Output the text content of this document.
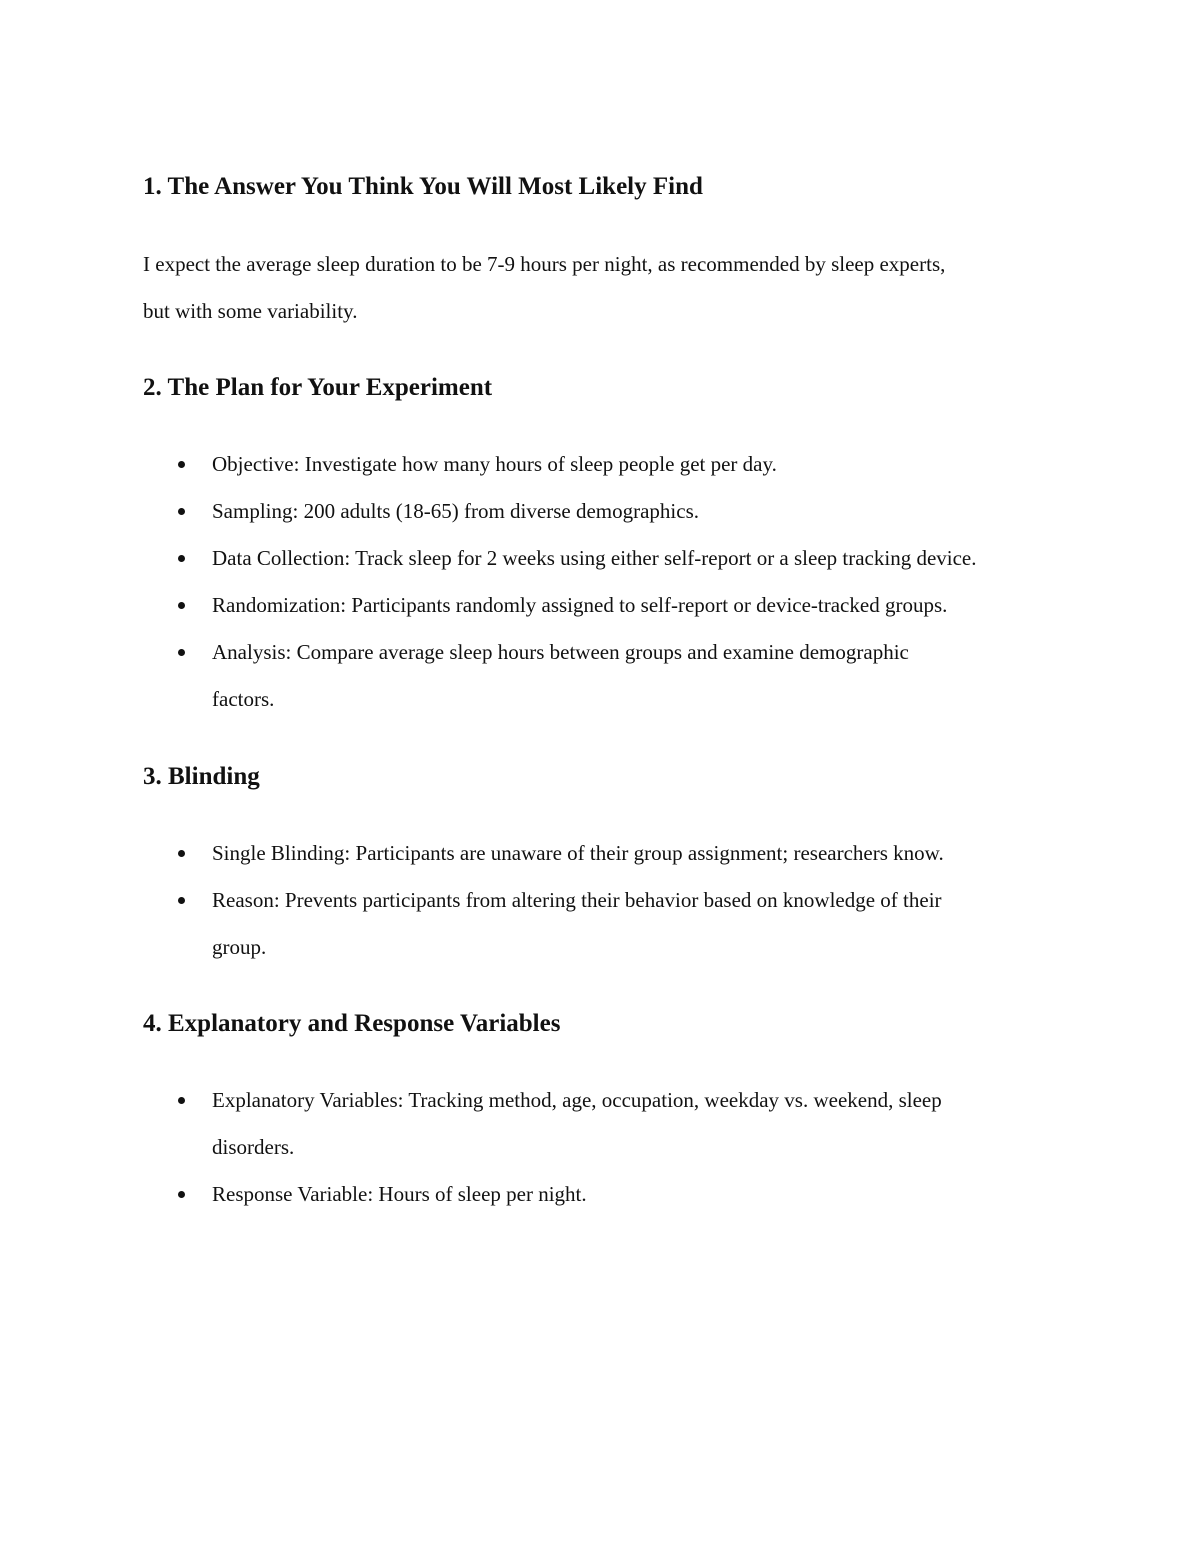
1. The Answer You Think You Will Most Likely Find

I expect the average sleep duration to be 7-9 hours per night, as recommended by sleep experts,

but with some variability.

2. The Plan for Your Experiment

Objective: Investigate how many hours of sleep people get per day.

Sampling: 200 adults (18-65) from diverse demographics.

Data Collection: Track sleep for 2 weeks using either self-report or a sleep tracking device.

Randomization: Participants randomly assigned to self-report or device-tracked groups.

Analysis: Compare average sleep hours between groups and examine demographic

factors.

3. Blinding

Single Blinding: Participants are unaware of their group assignment; researchers know.

Reason: Prevents participants from altering their behavior based on knowledge of their

group.

4. Explanatory and Response Variables

Explanatory Variables: Tracking method, age, occupation, weekday vs. weekend, sleep

disorders.

Response Variable: Hours of sleep per night.
